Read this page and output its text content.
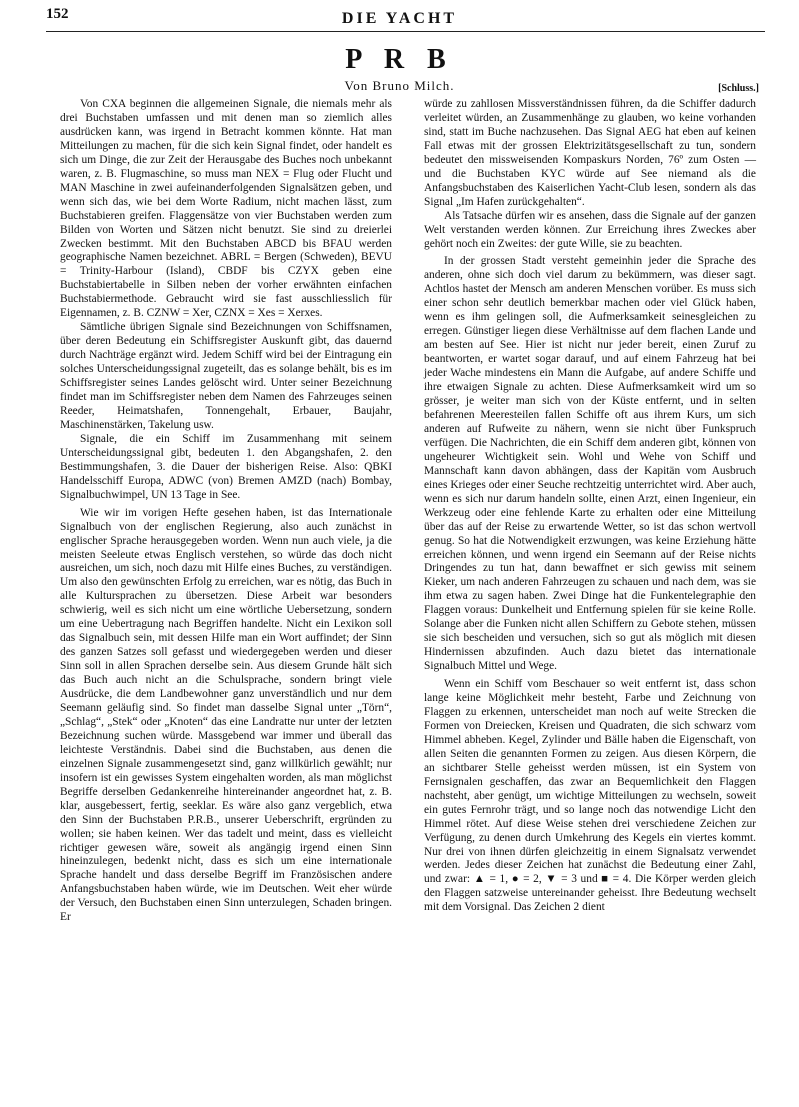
152	DIE YACHT
P R B
Von Bruno Milch.	[Schluss.]

Von CXA beginnen die allgemeinen Signale, die niemals mehr als drei Buchstaben umfassen und mit denen man so ziemlich alles ausdrücken kann, was irgend in Betracht kommen könnte. Hat man Mitteilungen zu machen, für die sich kein Signal findet, oder handelt es sich um Dinge, die zur Zeit der Herausgabe des Buches noch unbekannt waren, z. B. Flugmaschine, so muss man NEX = Flug oder Flucht und MAN Maschine in zwei aufeinanderfolgenden Signalsätzen geben, und wenn sich das, wie bei dem Worte Radium, nicht machen lässt, zum Buchstabieren greifen. Flaggensätze von vier Buchstaben werden zum Bilden von Worten und Sätzen nicht benutzt. Sie sind zu dreierlei Zwecken bestimmt. Mit den Buchstaben ABCD bis BFAU werden geographische Namen bezeichnet. ABRL = Bergen (Schweden), BEVU = Trinity-Harbour (Island), CBDF bis CZYX geben eine Buchstabiertabelle in Silben neben der vorher erwähnten einfachen Buchstabiermethode. Gebraucht wird sie fast ausschliesslich für Eigennamen, z. B. CZNW = Xer, CZNX = Xes = Xerxes.

Sämtliche übrigen Signale sind Bezeichnungen von Schiffsnamen, über deren Bedeutung ein Schiffsregister Auskunft gibt, das dauernd durch Nachträge ergänzt wird. Jedem Schiff wird bei der Eintragung ein solches Unterscheidungssignal zugeteilt, das es solange behält, bis es im Schiffsregister seines Landes gelöscht wird. Unter seiner Bezeichnung findet man im Schiffsregister neben dem Namen des Fahrzeuges seinen Reeder, Heimatshafen, Tonnengehalt, Erbauer, Baujahr, Maschinenstärken, Takelung usw.

Signale, die ein Schiff im Zusammenhang mit seinem Unterscheidungssignal gibt, bedeuten 1. den Abgangshafen, 2. den Bestimmungshafen, 3. die Dauer der bisherigen Reise. Also: QBKI Handelsschiff Europa, ADWC (von) Bremen AMZD (nach) Bombay, Signalbuchwimpel, UN 13 Tage in See.

Wie wir im vorigen Hefte gesehen haben, ist das Internationale Signalbuch von der englischen Regierung, also auch zunächst in englischer Sprache herausgegeben worden. Wenn nun auch viele, ja die meisten Seeleute etwas Englisch verstehen, so würde das doch nicht ausreichen, um sich, noch dazu mit Hilfe eines Buches, zu verständigen. Um also den gewünschten Erfolg zu erreichen, war es nötig, das Buch in alle Kultursprachen zu übersetzen. Diese Arbeit war besonders schwierig, weil es sich nicht um eine wörtliche Uebersetzung, sondern um eine Uebertragung nach Begriffen handelte. Nicht ein Lexikon soll das Signalbuch sein, mit dessen Hilfe man ein Wort auffindet; der Sinn des ganzen Satzes soll gefasst und wiedergegeben werden und dieser Sinn soll in allen Sprachen derselbe sein. Aus diesem Grunde hält sich das Buch auch nicht an die Schulsprache, sondern bringt viele Ausdrücke, die dem Landbewohner ganz unverständlich und nur dem Seemann geläufig sind. So findet man dasselbe Signal unter „Törn“, „Schlag“, „Stek“ oder „Knoten“ das eine Landratte nur unter der letzten Bezeichnung suchen würde. Massgebend war immer und überall das leichteste Verständnis. Dabei sind die Buchstaben, aus denen die einzelnen Signale zusammengesetzt sind, ganz willkürlich gewählt; nur insofern ist ein gewisses System eingehalten worden, als man möglichst Begriffe derselben Gedankenreihe hintereinander angeordnet hat, z. B. klar, ausgebessert, fertig, seeklar. Es wäre also ganz vergeblich, etwa den Sinn der Buchstaben P.R.B., unserer Ueberschrift, ergründen zu wollen; sie haben keinen. Wer das tadelt und meint, dass es vielleicht richtiger gewesen wäre, soweit als angängig irgend einen Sinn hineinzulegen, bedenkt nicht, dass es sich um eine internationale Sprache handelt und dass derselbe Begriff im Französischen andere Anfangsbuchstaben haben würde, wie im Deutschen. Weit eher würde der Versuch, den Buchstaben einen Sinn unterzulegen, Schaden bringen. Er

würde zu zahllosen Missverständnissen führen, da die Schiffer dadurch verleitet würden, an Zusammenhänge zu glauben, wo keine vorhanden sind, statt im Buche nachzusehen. Das Signal AEG hat eben auf keinen Fall etwas mit der grossen Elektrizitätsgesellschaft zu tun, sondern bedeutet den missweisenden Kompaskurs Norden, 76º zum Osten — und die Buchstaben KYC würde auf See niemand als die Anfangsbuchstaben des Kaiserlichen Yacht-Club lesen, sondern als das Signal „Im Hafen zurückgehalten“.

Als Tatsache dürfen wir es ansehen, dass die Signale auf der ganzen Welt verstanden werden können. Zur Erreichung ihres Zweckes aber gehört noch ein Zweites: der gute Wille, sie zu beachten.

In der grossen Stadt versteht gemeinhin jeder die Sprache des anderen, ohne sich doch viel darum zu bekümmern, was dieser sagt. Achtlos hastet der Mensch am anderen Menschen vorüber. Es muss sich einer schon sehr deutlich bemerkbar machen oder viel Glück haben, wenn es ihm gelingen soll, die Aufmerksamkeit seinesgleichen zu erregen. Günstiger liegen diese Verhältnisse auf dem flachen Lande und am besten auf See. Hier ist nicht nur jeder bereit, einen Zuruf zu beantworten, er wartet sogar darauf, und auf einem Fahrzeug hat bei jeder Wache mindestens ein Mann die Aufgabe, auf andere Schiffe und ihre etwaigen Signale zu achten. Diese Aufmerksamkeit wird um so grösser, je weiter man sich von der Küste entfernt, und in selten befahrenen Meeresteilen fallen Schiffe oft aus ihrem Kurs, um sich anderen auf Rufweite zu nähern, wenn sie nicht über Funkspruch verfügen. Die Nachrichten, die ein Schiff dem anderen gibt, können von ungeheurer Wichtigkeit sein. Wohl und Wehe von Schiff und Mannschaft kann davon abhängen, dass der Kapitän vom Ausbruch eines Krieges oder einer Seuche rechtzeitig unterrichtet wird. Aber auch, wenn es sich nur darum handeln sollte, einen Arzt, einen Ingenieur, ein Werkzeug oder eine fehlende Karte zu erhalten oder eine Mitteilung über das auf der Reise zu erwartende Wetter, so ist das schon wertvoll genug. So hat die Notwendigkeit erzwungen, was keine Erziehung hätte erreichen können, und wenn irgend ein Seemann auf der Reise nichts Dringendes zu tun hat, dann bewaffnet er sich gewiss mit seinem Kieker, um nach anderen Fahrzeugen zu schauen und nach dem, was sie ihm etwa zu sagen haben. Zwei Dinge hat die Funkentelegraphie den Flaggen voraus: Dunkelheit und Entfernung spielen für sie keine Rolle. Solange aber die Funken nicht allen Schiffern zu Gebote stehen, müssen sie sich bescheiden und versuchen, sich so gut als möglich mit diesen Hindernissen abzufinden. Auch dazu bietet das internationale Signalbuch Mittel und Wege.

Wenn ein Schiff vom Beschauer so weit entfernt ist, dass schon lange keine Möglichkeit mehr besteht, Farbe und Zeichnung von Flaggen zu erkennen, unterscheidet man noch auf weite Strecken die Formen von Dreiecken, Kreisen und Quadraten, die sich schwarz vom Himmel abheben. Kegel, Zylinder und Bälle haben die Eigenschaft, von allen Seiten die genannten Formen zu zeigen. Aus diesen Körpern, die an sichtbarer Stelle geheisst werden müssen, ist ein System von Fernsignalen geschaffen, das zwar an Bequemlichkeit den Flaggen nachsteht, aber genügt, um wichtige Mitteilungen zu wechseln, soweit ein gutes Fernrohr trägt, und so lange noch das notwendige Licht den Himmel rötet. Auf diese Weise stehen drei verschiedene Zeichen zur Verfügung, zu denen durch Umkehrung des Kegels ein viertes kommt. Nur drei von ihnen dürfen gleichzeitig in einem Signalsatz verwendet werden. Jedes dieser Zeichen hat zunächst die Bedeutung einer Zahl, und zwar: ▲ = 1, ● = 2, ▼ = 3 und ■ = 4. Die Körper werden gleich den Flaggen satzweise untereinander geheisst. Ihre Bedeutung wechselt mit dem Vorsignal. Das Zeichen 2 dient
